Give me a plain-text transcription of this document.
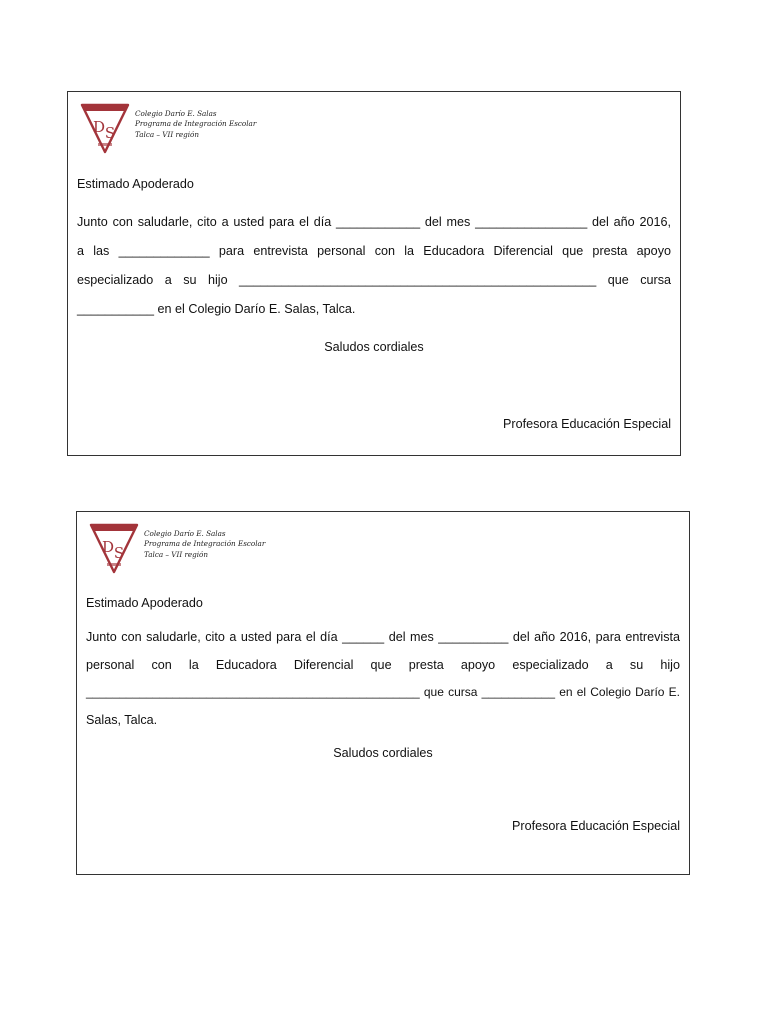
D S
Colegio Darío E. Salas
Programa de Integración Escolar
Talca – VII región
Estimado Apoderado
Junto con saludarle, cito a usted para el día ____________ del mes ________________ del año 2016,
a las _____________ para entrevista personal con la Educadora Diferencial que presta apoyo
especializado a su hijo ___________________________________________________ que cursa
___________ en el Colegio Darío E. Salas, Talca.
Saludos cordiales
Profesora Educación Especial
D S
Colegio Darío E. Salas
Programa de Integración Escolar
Talca – VII región
Estimado Apoderado
Junto con saludarle, cito a usted para el día ______ del mes __________ del año 2016, para entrevista
personal con la Educadora Diferencial que presta apoyo especializado a su hijo
__________________________________________________ que cursa ___________ en el Colegio Darío E.
Salas, Talca.
Saludos cordiales
Profesora Educación Especial
